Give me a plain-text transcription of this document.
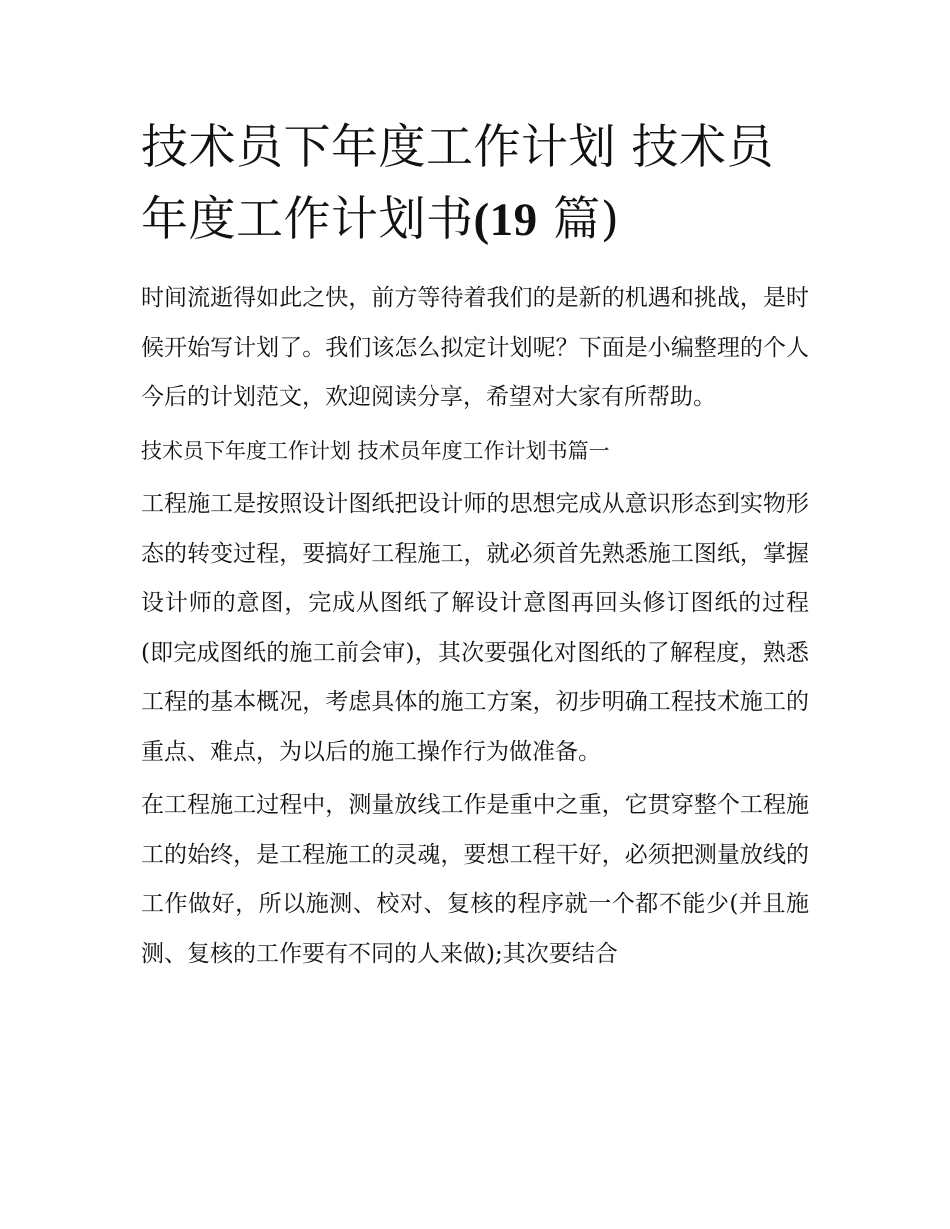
技术员下年度工作计划 技术员年度工作计划书(19 篇)

时间流逝得如此之快，前方等待着我们的是新的机遇和挑战，是时候开始写计划了。我们该怎么拟定计划呢？下面是小编整理的个人今后的计划范文，欢迎阅读分享，希望对大家有所帮助。

技术员下年度工作计划 技术员年度工作计划书篇一

工程施工是按照设计图纸把设计师的思想完成从意识形态到实物形态的转变过程，要搞好工程施工，就必须首先熟悉施工图纸，掌握设计师的意图，完成从图纸了解设计意图再回头修订图纸的过程(即完成图纸的施工前会审)，其次要强化对图纸的了解程度，熟悉工程的基本概况，考虑具体的施工方案，初步明确工程技术施工的重点、难点，为以后的施工操作行为做准备。

在工程施工过程中，测量放线工作是重中之重，它贯穿整个工程施工的始终，是工程施工的灵魂，要想工程干好，必须把测量放线的工作做好，所以施测、校对、复核的程序就一个都不能少(并且施测、复核的工作要有不同的人来做);其次要结合
